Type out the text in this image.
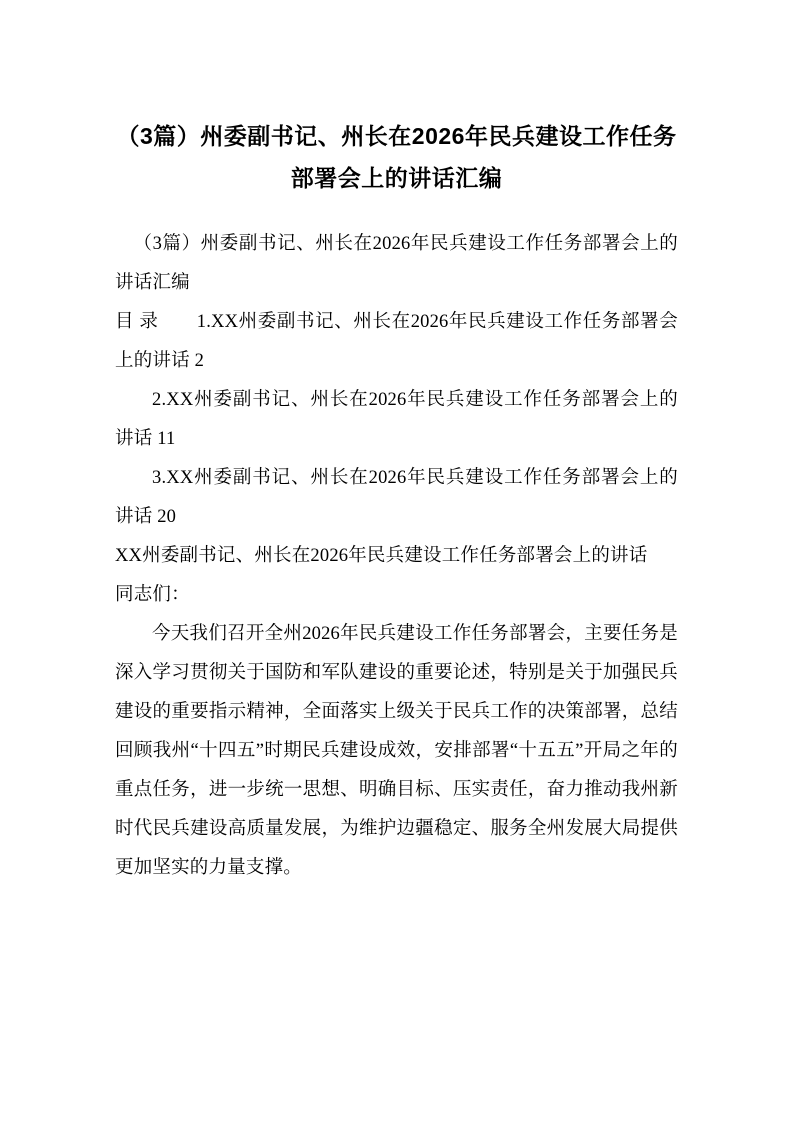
（3篇）州委副书记、州长在2026年民兵建设工作任务部署会上的讲话汇编

（3篇）州委副书记、州长在2026年民兵建设工作任务部署会上的讲话汇编

目 录　　1.XX州委副书记、州长在2026年民兵建设工作任务部署会上的讲话 2

2.XX州委副书记、州长在2026年民兵建设工作任务部署会上的讲话 11

3.XX州委副书记、州长在2026年民兵建设工作任务部署会上的讲话 20

XX州委副书记、州长在2026年民兵建设工作任务部署会上的讲话

同志们：

今天我们召开全州2026年民兵建设工作任务部署会，主要任务是深入学习贯彻关于国防和军队建设的重要论述，特别是关于加强民兵建设的重要指示精神，全面落实上级关于民兵工作的决策部署，总结回顾我州“十四五”时期民兵建设成效，安排部署“十五五”开局之年的重点任务，进一步统一思想、明确目标、压实责任，奋力推动我州新时代民兵建设高质量发展，为维护边疆稳定、服务全州发展大局提供更加坚实的力量支撑。
